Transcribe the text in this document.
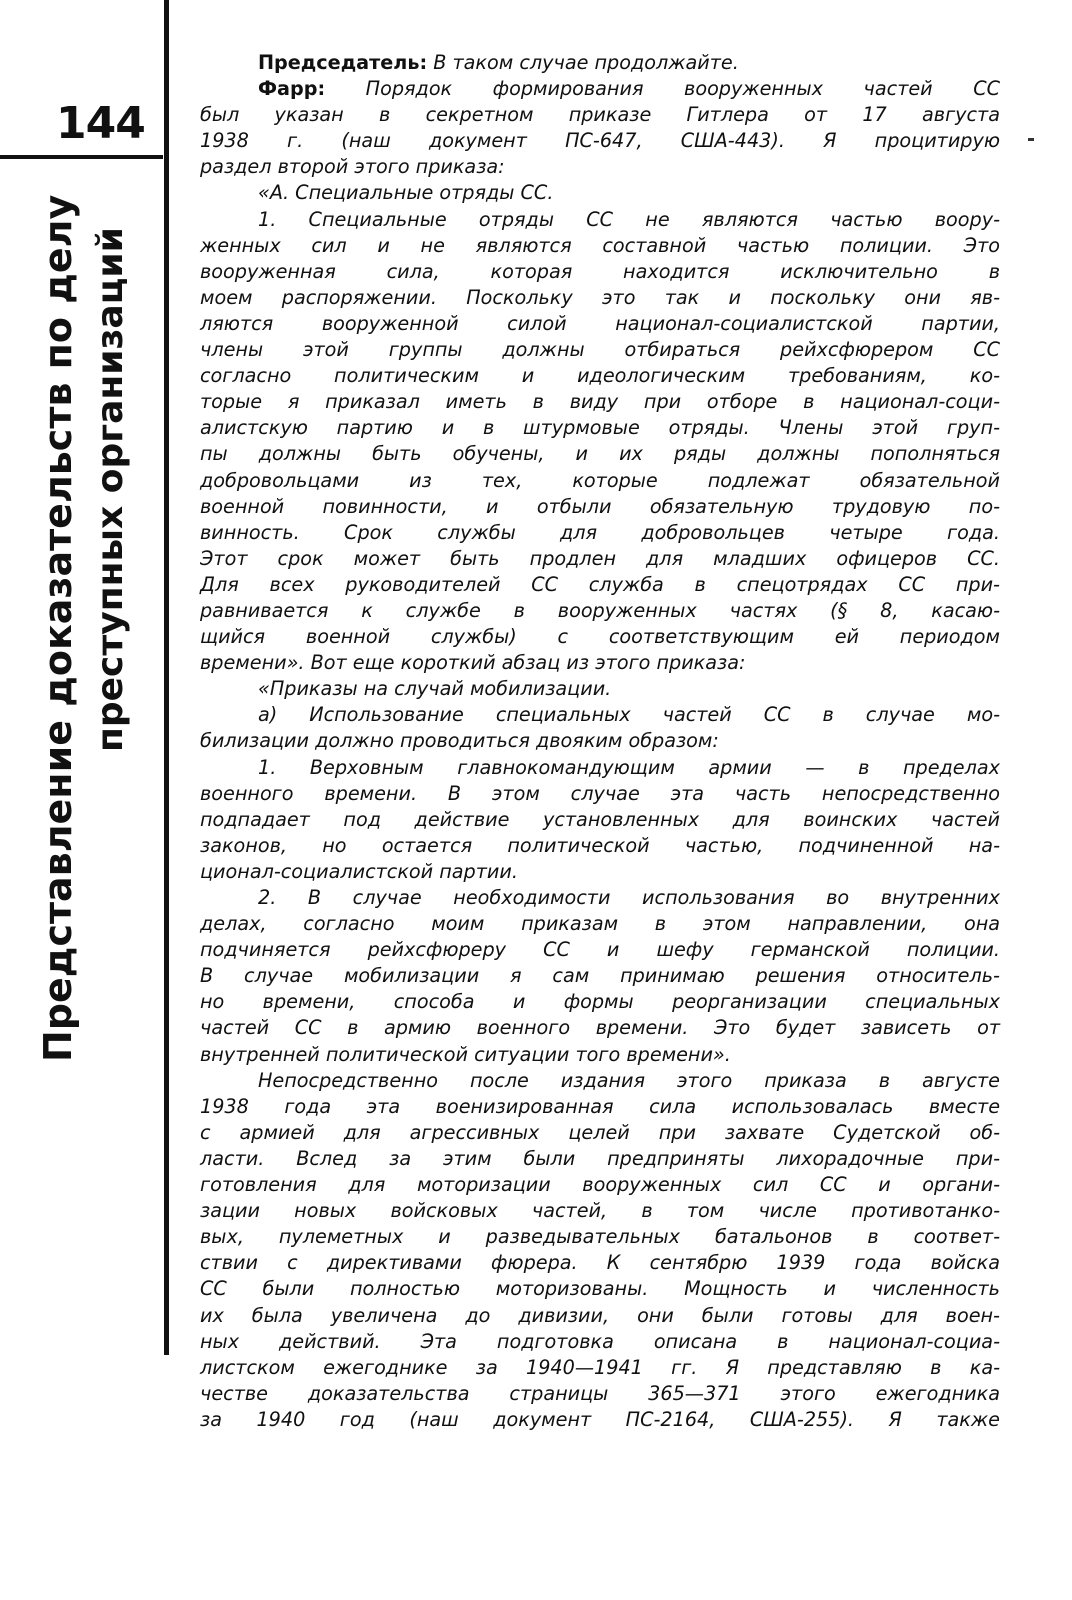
144
Представление доказательств по делу преступных организаций
Председатель: В таком случае продолжайте.
Фарр: Порядок формирования вооруженных частей СС
был указан в секретном приказе Гитлера от 17 августа
1938 г. (наш документ ПС-647, США-443). Я процитирую
раздел второй этого приказа:
«А. Специальные отряды СС.
1. Специальные отряды СС не являются частью воору-
женных сил и не являются составной частью полиции. Это
вооруженная сила, которая находится исключительно в
моем распоряжении. Поскольку это так и поскольку они яв-
ляются вооруженной силой национал-социалистской партии,
члены этой группы должны отбираться рейхсфюрером СС
согласно политическим и идеологическим требованиям, ко-
торые я приказал иметь в виду при отборе в национал-соци-
алистскую партию и в штурмовые отряды. Члены этой груп-
пы должны быть обучены, и их ряды должны пополняться
добровольцами из тех, которые подлежат обязательной
военной повинности, и отбыли обязательную трудовую по-
винность. Срок службы для добровольцев четыре года.
Этот срок может быть продлен для младших офицеров СС.
Для всех руководителей СС служба в спецотрядах СС при-
равнивается к службе в вооруженных частях (§ 8, касаю-
щийся военной службы) с соответствующим ей периодом
времени». Вот еще короткий абзац из этого приказа:
«Приказы на случай мобилизации.
а) Использование специальных частей СС в случае мо-
билизации должно проводиться двояким образом:
1. Верховным главнокомандующим армии — в пределах
военного времени. В этом случае эта часть непосредственно
подпадает под действие установленных для воинских частей
законов, но остается политической частью, подчиненной на-
ционал-социалистской партии.
2. В случае необходимости использования во внутренних
делах, согласно моим приказам в этом направлении, она
подчиняется рейхсфюреру СС и шефу германской полиции.
В случае мобилизации я сам принимаю решения относитель-
но времени, способа и формы реорганизации специальных
частей СС в армию военного времени. Это будет зависеть от
внутренней политической ситуации того времени».
Непосредственно после издания этого приказа в августе
1938 года эта военизированная сила использовалась вместе
с армией для агрессивных целей при захвате Судетской об-
ласти. Вслед за этим были предприняты лихорадочные при-
готовления для моторизации вооруженных сил СС и органи-
зации новых войсковых частей, в том числе противотанко-
вых, пулеметных и разведывательных батальонов в соответ-
ствии с директивами фюрера. К сентябрю 1939 года войска
СС были полностью моторизованы. Мощность и численность
их была увеличена до дивизии, они были готовы для воен-
ных действий. Эта подготовка описана в национал-социа-
листском ежегоднике за 1940—1941 гг. Я представляю в ка-
честве доказательства страницы 365—371 этого ежегодника
за 1940 год (наш документ ПС-2164, США-255). Я также
